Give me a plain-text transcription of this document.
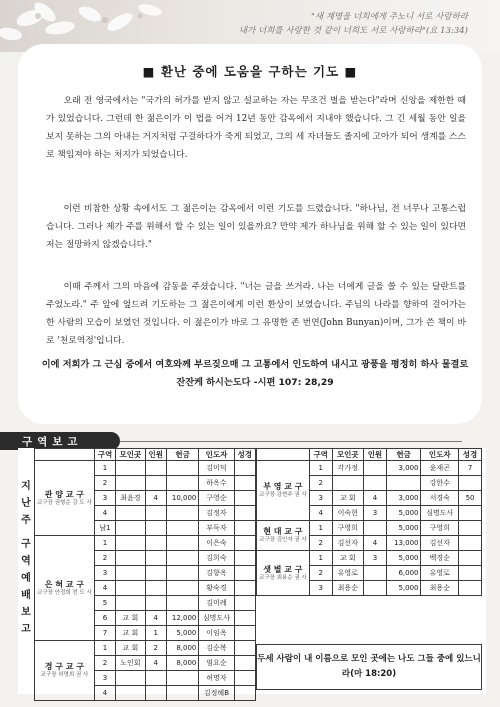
"새 계명을 너희에게 주노니 서로 사랑하라
내가 너희를 사랑한 것 같이 너희도 서로 사랑하라"(요 13:34)
■ 환난 중에 도움을 구하는 기도 ■
오래 전 영국에서는 "국가의 허가를 받지 않고 설교하는 자는 무조건 벌을 받는다"라며 신앙을 제한한 때가 있었습니다. 그런데 한 젊은이가 이 법을 어겨 12년 동안 감옥에서 지내야 했습니다. 그 긴 세월 동안 일을 보지 못하는 그의 아내는 거지처럼 구걸하다가 죽게 되었고, 그의 세 자녀들도 졸지에 고아가 되어 생계를 스스로 책임져야 하는 처지가 되었습니다.
이런 비참한 상황 속에서도 그 젊은이는 감옥에서 이런 기도를 드렸습니다. "하나님, 전 너무나 고통스럽습니다. 그러나 제가 주를 위해서 할 수 있는 일이 있을까요? 만약 제가 하나님을 위해 할 수 있는 일이 있다면 저는 절망하지 않겠습니다."
이때 주께서 그의 마음에 감동을 주셨습니다. "너는 글을 쓰거라. 나는 너에게 글을 쓸 수 있는 달란트를 주었노라." 주 앞에 엎드려 기도하는 그 젊은이에게 이런 환상이 보였습니다. 주님의 나라를 향하여 걸어가는 한 사람의 모습이 보였던 것입니다. 이 젊은이가 바로 그 유명한 존 번연(John Bunyan)이며, 그가 쓴 책이 바로 '천로역정'입니다.
이에 저희가 그 근심 중에서 여호와께 부르짖으매 그 고통에서 인도하여 내시고 광풍을 평정히 하사 물결로 잔잔케 하시는도다 -시편 107: 28,29
구역보고
지난주
구역예배보고
	구역	모인곳	인원	헌금	인도자	성경

관 양 교 구
교구장 권형순 강 도 사	1				김미덕	
	2				하옥수	
	3	최윤경	4	10,000	구영순	
	4				김정자	
	남1				부득자	

은 혀 교 구
교구장 안정희 전 도 사	1				이은숙	
	2				김희숙	
	3				김향옥	
	4				황숙경	
	5				김미례	
	6	교 회	4	12,000	심명도사	
	7	교 회	1	5,000	이임옥	

경 구 교 구
교구장 허명희 권 사	1	교 회	2	8,000	김순복	
	2	노인회	4	8,000	염요순	
	3				허명자	
	4				김정혜B	
	구역	모인곳	인원	헌금	인도자	성경

부 영 교 구
교구장 강현주 권 사	1	각가정		3,000	윤재곤	7
	2				강한수	
	3	교 회	4	3,000	서경숙	50
	4	이숙현	3	5,000	심명도사	

현 대 교 구
교구장 김인자 권 사	1	구영희		5,000	구영희	
	2	김선자	4	13,000	김선자	

샛 별 교 구
교구장 최용순 권 사	1	교 회	3	5,000	백경순	
	2	유영로		6,000	유영로	
	3	최용순		5,000	최용순	
두세 사람이 내 이름으로 모인 곳에는 나도 그들 중에 있느니라(마 18:20)
